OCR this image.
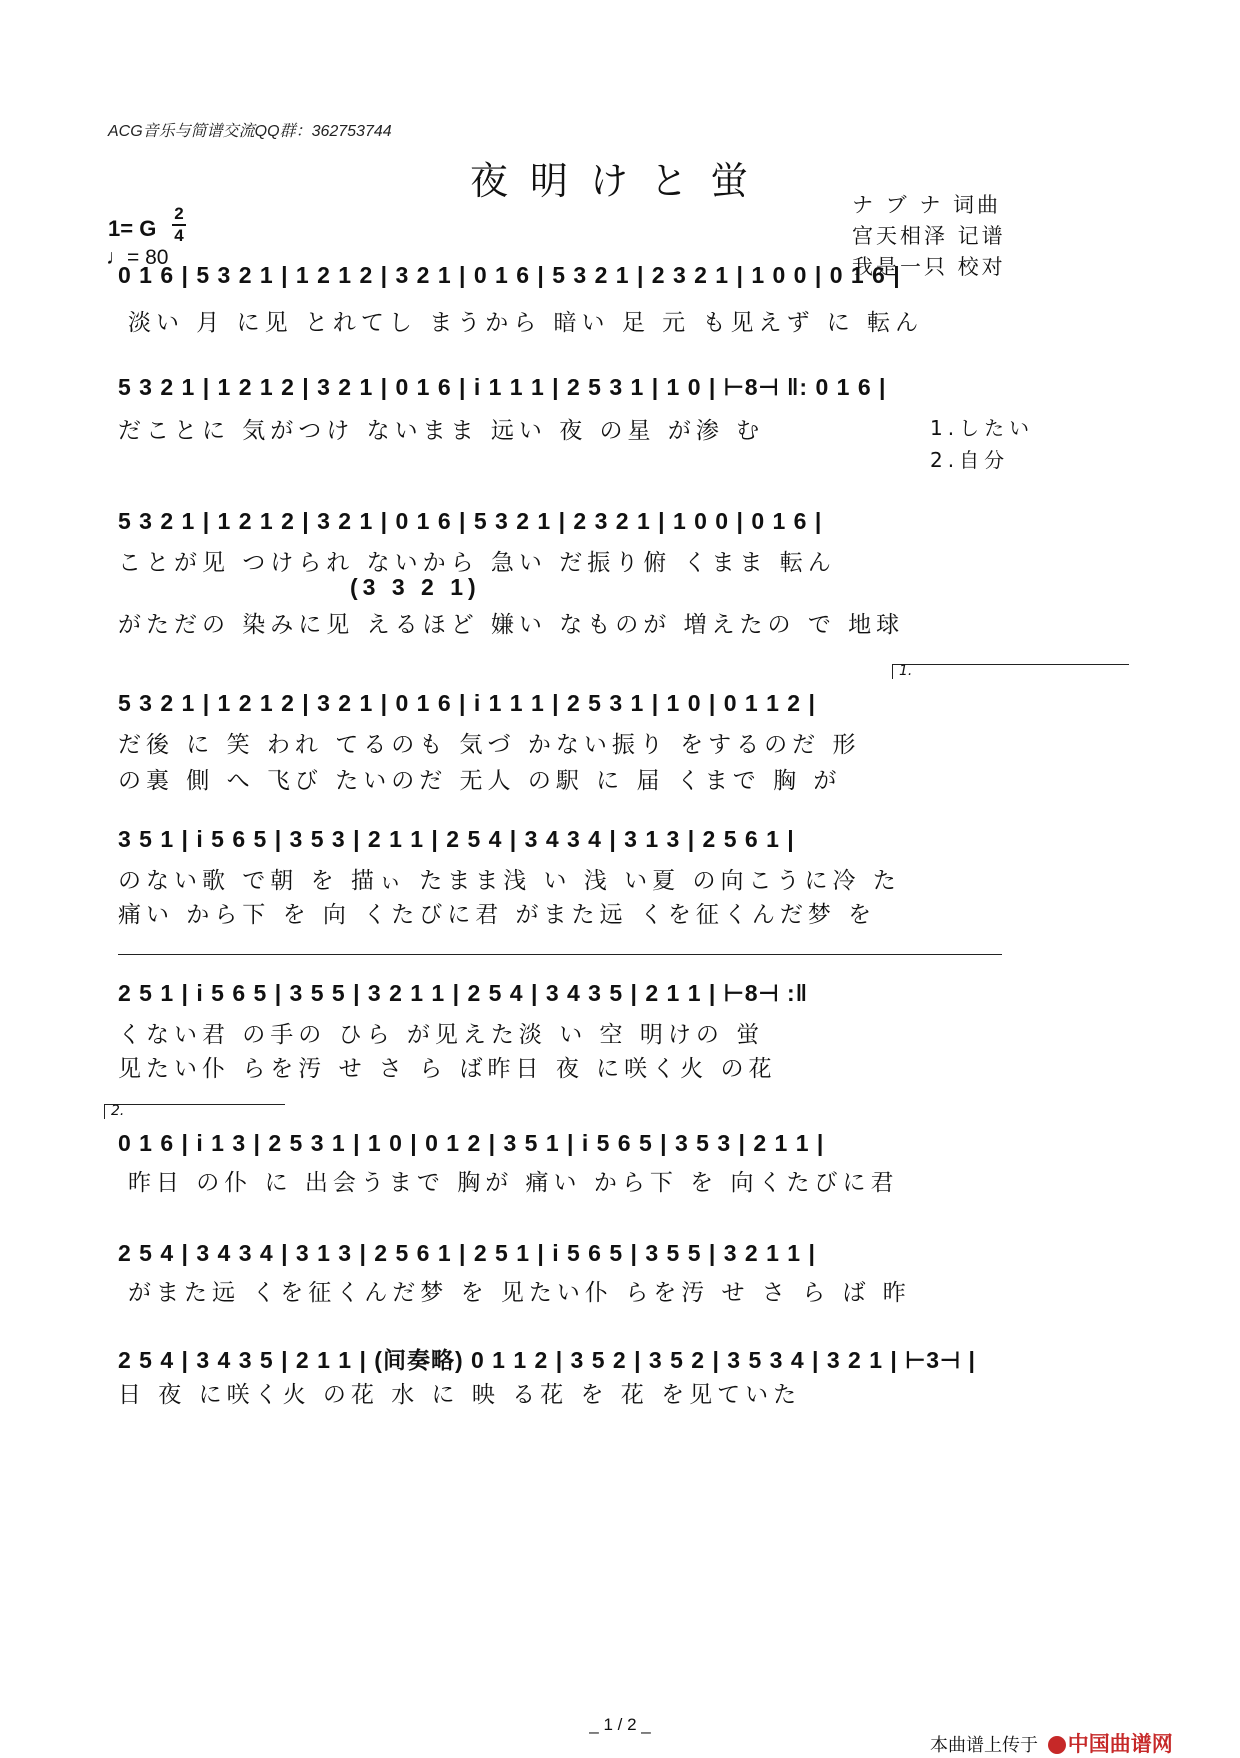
ACG音乐与简谱交流QQ群：362753744
夜明けと蛍
1= G
2
4
♩= 80
ナ ブ ナ 词曲
宫天相泽 记谱
我是一只 校对
0 1 6 | 5 3 2 1 | 1 2 1 2 | 3 2 1 | 0 1 6 | 5 3 2 1 | 2 3 2 1 | 1 0 0 | 0 1 6 |
淡い 月 に见 とれてし まうから 暗い 足 元 も见えず に 転ん
5 3 2 1 | 1 2 1 2 | 3 2 1 | 0 1 6 | i 1 1 1 | 2 5 3 1 | 1 0 | ⊢8⊣ ‖: 0 1 6 |
だことに 気がつけ ないまま 远い 夜 の星 が渗 む	1.したい
2.自分
5 3 2 1 | 1 2 1 2 | 3 2 1 | 0 1 6 | 5 3 2 1 | 2 3 2 1 | 1 0 0 | 0 1 6 |
ことが见 つけられ ないから 急い だ振り俯 くまま 転ん
(3 3 2 1)
がただの 染みに见 えるほど 嫌い なものが 増えたの で 地球
1.
5 3 2 1 | 1 2 1 2 | 3 2 1 | 0 1 6 | i 1 1 1 | 2 5 3 1 | 1 0 | 0 1 1 2 |
だ後 に 笑 われ てるのも 気づ かない振り をするのだ 形
の裏 側 へ 飞び たいのだ 无人 の駅 に 届 くまで 胸 が
3 5 1 | i 5 6 5 | 3 5 3 | 2 1 1 | 2 5 4 | 3 4 3 4 | 3 1 3 | 2 5 6 1 |
のない歌 で朝 を 描ぃ たまま浅 い 浅 い夏 の向こうに冷 た
痛い から下 を 向 くたびに君 がまた远 くを征くんだ梦 を
2 5 1 | i 5 6 5 | 3 5 5 | 3 2 1 1 | 2 5 4 | 3 4 3 5 | 2 1 1 | ⊢8⊣ :‖
くない君 の手の ひら が见えた淡 い 空 明けの 蛍
见たい仆 らを汚 せ さ ら ば昨日 夜 に咲く火 の花
2.
0 1 6 | i 1 3 | 2 5 3 1 | 1 0 | 0 1 2 | 3 5 1 | i 5 6 5 | 3 5 3 | 2 1 1 |
昨日 の仆 に 出会うまで 胸が 痛い から下 を 向くたびに君
2 5 4 | 3 4 3 4 | 3 1 3 | 2 5 6 1 | 2 5 1 | i 5 6 5 | 3 5 5 | 3 2 1 1 |
がまた远 くを征くんだ梦 を 见たい仆 らを汚 せ さ ら ば 昨
2 5 4 | 3 4 3 5 | 2 1 1 | (间奏略) 0 1 1 2 | 3 5 2 | 3 5 2 | 3 5 3 4 | 3 2 1 | ⊢3⊣ |
日 夜 に咲く火 の花 水 に 映 る花 を 花 を见ていた
_ 1 / 2 _
本曲谱上传于 中国曲谱网
